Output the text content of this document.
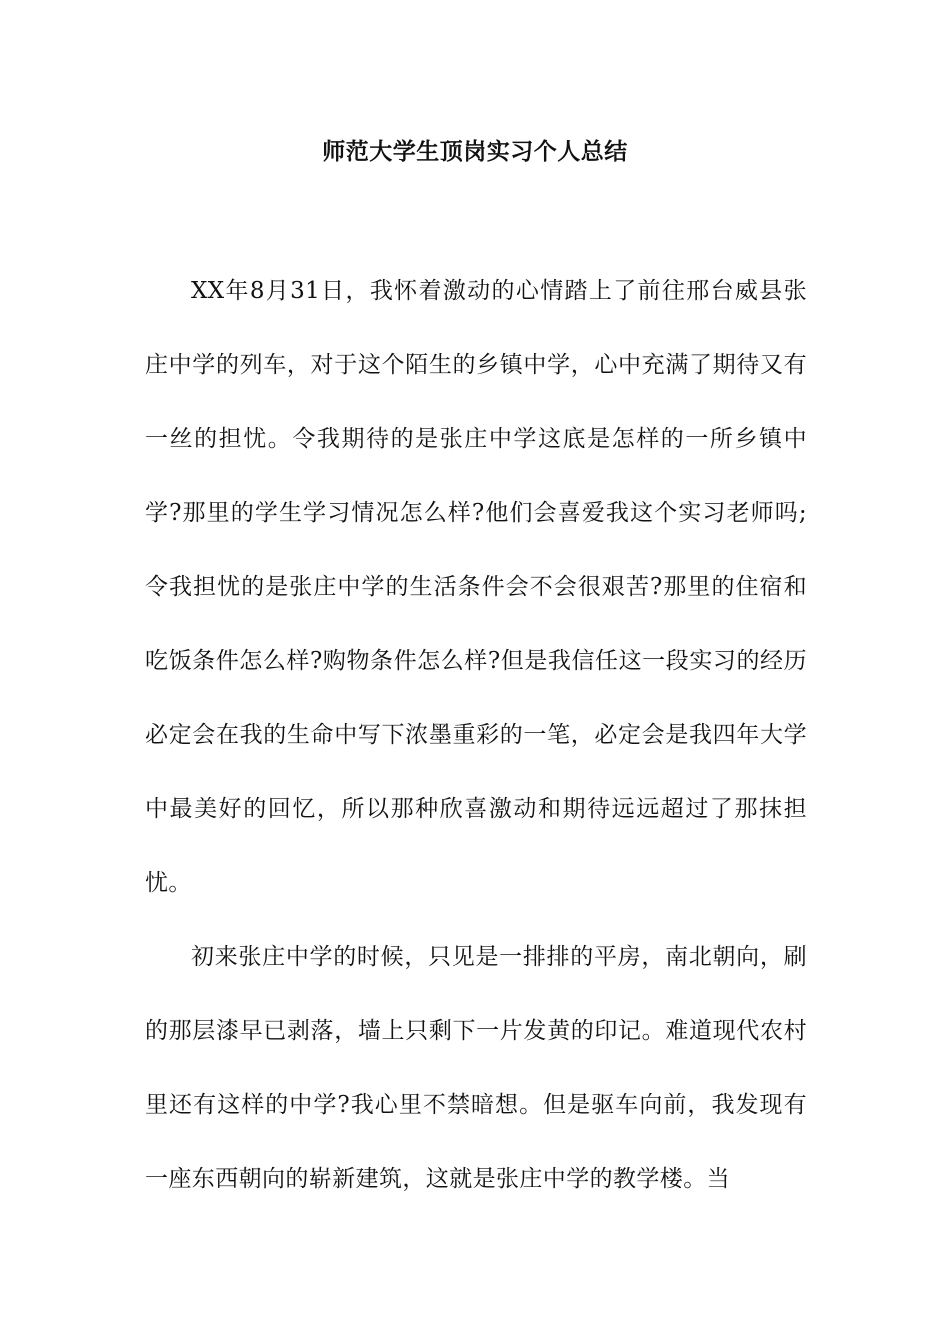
师范大学生顶岗实习个人总结

XX年8月31日，我怀着激动的心情踏上了前往邢台威县张庄中学的列车，对于这个陌生的乡镇中学，心中充满了期待又有一丝的担忧。令我期待的是张庄中学这底是怎样的一所乡镇中学?那里的学生学习情况怎么样?他们会喜爱我这个实习老师吗;令我担忧的是张庄中学的生活条件会不会很艰苦?那里的住宿和吃饭条件怎么样?购物条件怎么样?但是我信任这一段实习的经历必定会在我的生命中写下浓墨重彩的一笔，必定会是我四年大学中最美好的回忆，所以那种欣喜激动和期待远远超过了那抹担忧。

初来张庄中学的时候，只见是一排排的平房，南北朝向，刷的那层漆早已剥落，墙上只剩下一片发黄的印记。难道现代农村里还有这样的中学?我心里不禁暗想。但是驱车向前，我发现有一座东西朝向的崭新建筑，这就是张庄中学的教学楼。当
